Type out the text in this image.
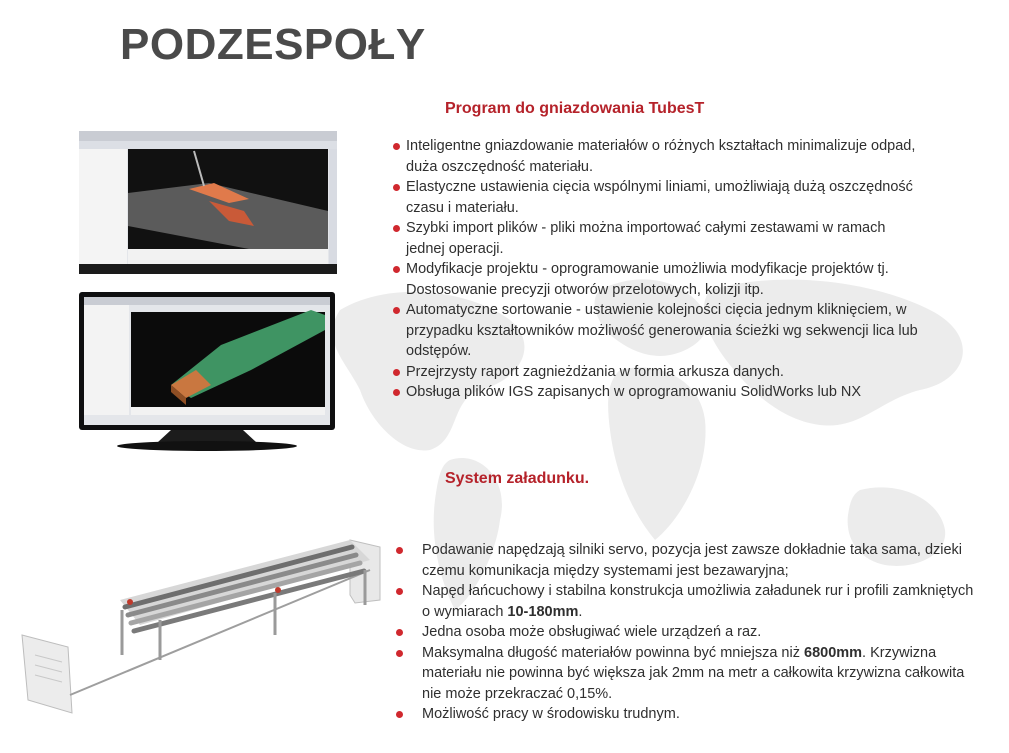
PODZESPOŁY
Program do gniazdowania TubesT
Inteligentne gniazdowanie materiałów o różnych kształtach minimalizuje odpad, duża oszczędność materiału.
Elastyczne ustawienia cięcia wspólnymi liniami, umożliwiają dużą oszczędność czasu i materiału.
Szybki import plików - pliki można importować całymi zestawami w ramach jednej operacji.
Modyfikacje projektu - oprogramowanie umożliwia modyfikacje projektów tj. Dostosowanie precyzji otworów przelotowych, kolizji itp.
Automatyczne sortowanie - ustawienie kolejności cięcia jednym kliknięciem, w przypadku kształtowników możliwość generowania ścieżki wg sekwencji lica lub odstępów.
Przejrzysty raport zagnieżdżania w formia arkusza danych.
Obsługa plików IGS zapisanych w oprogramowaniu SolidWorks lub NX
System załadunku.
Podawanie napędzają silniki servo, pozycja jest zawsze dokładnie taka sama, dzieki czemu komunikacja między systemami jest bezawaryjna;
Napęd łańcuchowy i stabilna konstrukcja umożliwia załadunek rur i profili zamkniętych o wymiarach 10-180mm.
Jedna osoba może obsługiwać wiele urządzeń a raz.
Maksymalna długość materiałów powinna być mniejsza niż 6800mm. Krzywizna materiału nie powinna być większa jak 2mm na metr a całkowita krzywizna całkowita nie może przekraczać 0,15%.
Możliwość pracy w środowisku trudnym.
